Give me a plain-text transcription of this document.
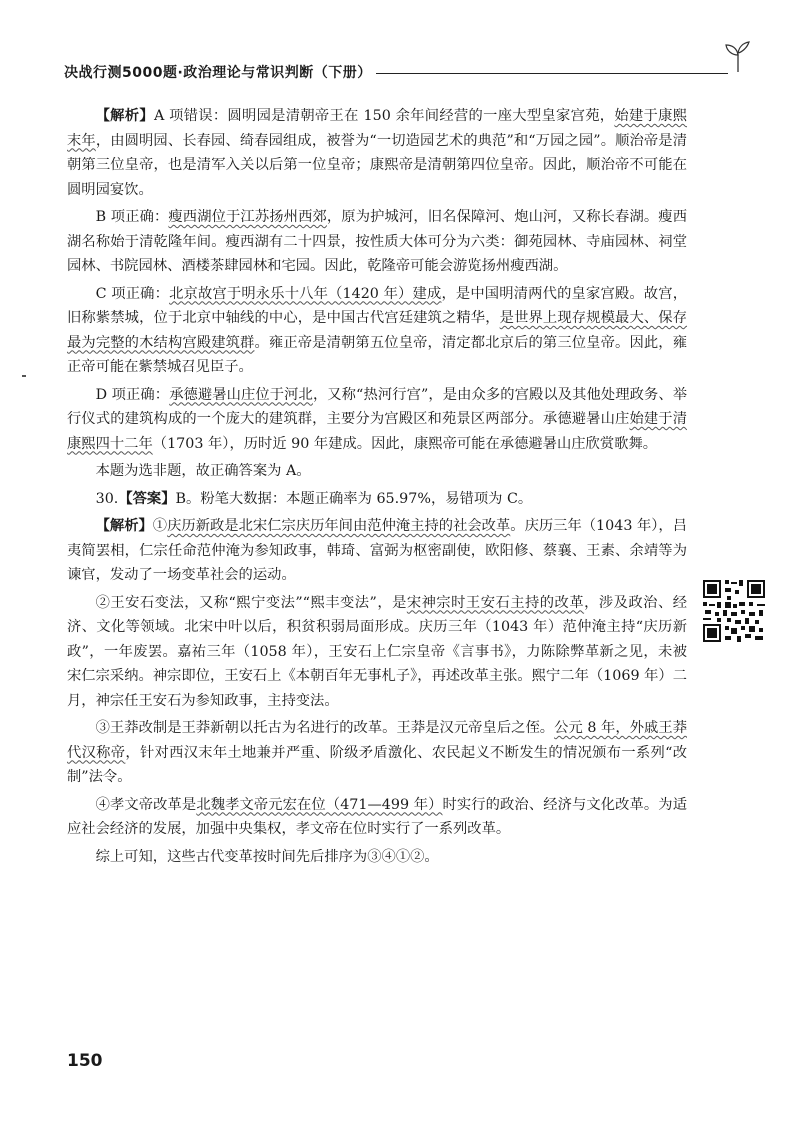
决战行测5000题·政治理论与常识判断（下册）

【解析】A 项错误：圆明园是清朝帝王在 150 余年间经营的一座大型皇家宫苑，始建于康熙末年，由圆明园、长春园、绮春园组成，被誉为“一切造园艺术的典范”和“万园之园”。顺治帝是清朝第三位皇帝，也是清军入关以后第一位皇帝；康熙帝是清朝第四位皇帝。因此，顺治帝不可能在圆明园宴饮。

B 项正确：瘦西湖位于江苏扬州西郊，原为护城河，旧名保障河、炮山河，又称长春湖。瘦西湖名称始于清乾隆年间。瘦西湖有二十四景，按性质大体可分为六类：御苑园林、寺庙园林、祠堂园林、书院园林、酒楼茶肆园林和宅园。因此，乾隆帝可能会游览扬州瘦西湖。

C 项正确：北京故宫于明永乐十八年（1420 年）建成，是中国明清两代的皇家宫殿。故宫，旧称紫禁城，位于北京中轴线的中心，是中国古代宫廷建筑之精华，是世界上现存规模最大、保存最为完整的木结构宫殿建筑群。雍正帝是清朝第五位皇帝，清定都北京后的第三位皇帝。因此，雍正帝可能在紫禁城召见臣子。

D 项正确：承德避暑山庄位于河北，又称“热河行宫”，是由众多的宫殿以及其他处理政务、举行仪式的建筑构成的一个庞大的建筑群，主要分为宫殿区和苑景区两部分。承德避暑山庄始建于清康熙四十二年（1703 年），历时近 90 年建成。因此，康熙帝可能在承德避暑山庄欣赏歌舞。

本题为选非题，故正确答案为 A。

30.【答案】B。粉笔大数据：本题正确率为 65.97%，易错项为 C。

【解析】①庆历新政是北宋仁宗庆历年间由范仲淹主持的社会改革。庆历三年（1043 年），吕夷简罢相，仁宗任命范仲淹为参知政事，韩琦、富弼为枢密副使，欧阳修、蔡襄、王素、余靖等为谏官，发动了一场变革社会的运动。

②王安石变法，又称“熙宁变法”“熙丰变法”，是宋神宗时王安石主持的改革，涉及政治、经济、文化等领域。北宋中叶以后，积贫积弱局面形成。庆历三年（1043 年）范仲淹主持“庆历新政”，一年废罢。嘉祐三年（1058 年），王安石上仁宗皇帝《言事书》，力陈除弊革新之见，未被宋仁宗采纳。神宗即位，王安石上《本朝百年无事札子》，再述改革主张。熙宁二年（1069 年）二月，神宗任王安石为参知政事，主持变法。

③王莽改制是王莽新朝以托古为名进行的改革。王莽是汉元帝皇后之侄。公元 8 年，外戚王莽代汉称帝，针对西汉末年土地兼并严重、阶级矛盾激化、农民起义不断发生的情况颁布一系列“改制”法令。

④孝文帝改革是北魏孝文帝元宏在位（471—499 年）时实行的政治、经济与文化改革。为适应社会经济的发展，加强中央集权，孝文帝在位时实行了一系列改革。

综上可知，这些古代变革按时间先后排序为③④①②。

150
